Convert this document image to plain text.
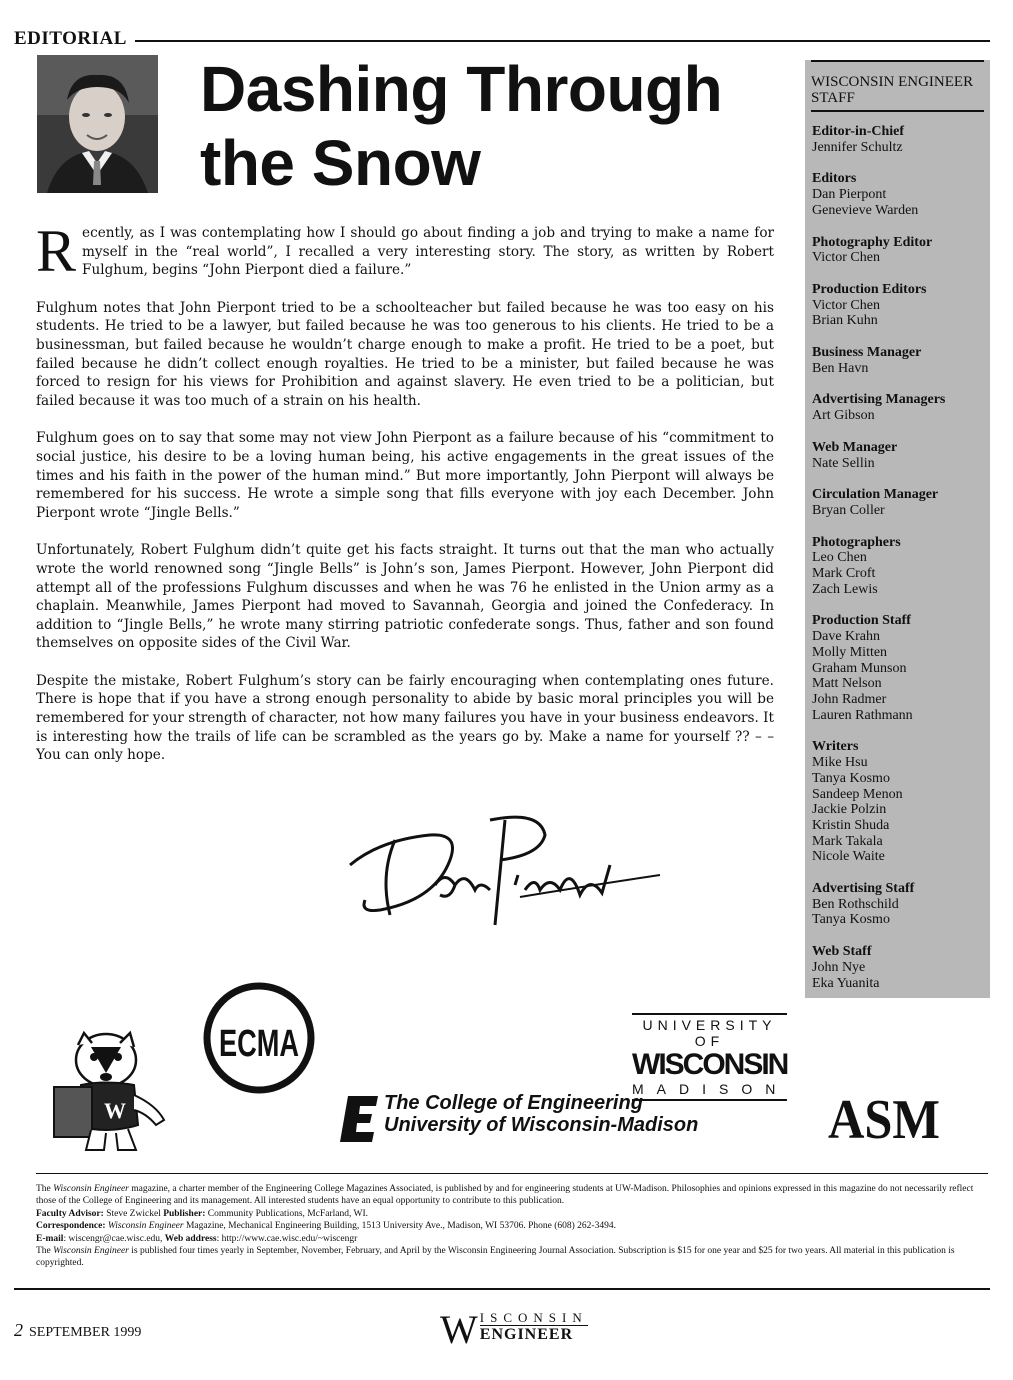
EDITORIAL
Dashing Through
the Snow

Recently, as I was contemplating how I should go about finding a job and trying to make a name for myself in the “real world”, I recalled a very interesting story. The story, as written by Robert Fulghum, begins “John Pierpont died a failure.”

Fulghum notes that John Pierpont tried to be a schoolteacher but failed because he was too easy on his students. He tried to be a lawyer, but failed because he was too generous to his clients. He tried to be a businessman, but failed because he wouldn’t charge enough to make a profit. He tried to be a poet, but failed because he didn’t collect enough royalties. He tried to be a minister, but failed because he was forced to resign for his views for Prohibition and against slavery. He even tried to be a politician, but failed because it was too much of a strain on his health.

Fulghum goes on to say that some may not view John Pierpont as a failure because of his “commitment to social justice, his desire to be a loving human being, his active engagements in the great issues of the times and his faith in the power of the human mind.” But more importantly, John Pierpont will always be remembered for his success. He wrote a simple song that fills everyone with joy each December. John Pierpont wrote “Jingle Bells.”

Unfortunately, Robert Fulghum didn’t quite get his facts straight. It turns out that the man who actually wrote the world renowned song “Jingle Bells” is John’s son, James Pierpont. However, John Pierpont did attempt all of the professions Fulghum discusses and when he was 76 he enlisted in the Union army as a chaplain. Meanwhile, James Pierpont had moved to Savannah, Georgia and joined the Confederacy. In addition to “Jingle Bells,” he wrote many stirring patriotic confederate songs. Thus, father and son found themselves on opposite sides of the Civil War.

Despite the mistake, Robert Fulghum’s story can be fairly encouraging when contemplating ones future. There is hope that if you have a strong enough personality to abide by basic moral principles you will be remembered for your strength of character, not how many failures you have in your business endeavors. It is interesting how the trails of life can be scrambled as the years go by. Make a name for yourself ?? – – You can only hope.

WISCONSIN ENGINEER
STAFF
Editor-in-Chief
Jennifer Schultz
Editors
Dan Pierpont
Genevieve Warden
Photography Editor
Victor Chen
Production Editors
Victor Chen
Brian Kuhn
Business Manager
Ben Havn
Advertising Managers
Art Gibson
Web Manager
Nate Sellin
Circulation Manager
Bryan Coller
Photographers
Leo Chen
Mark Croft
Zach Lewis
Production Staff
Dave Krahn
Molly Mitten
Graham Munson
Matt Nelson
John Radmer
Lauren Rathmann
Writers
Mike Hsu
Tanya Kosmo
Sandeep Menon
Jackie Polzin
Kristin Shuda
Mark Takala
Nicole Waite
Advertising Staff
Ben Rothschild
Tanya Kosmo
Web Staff
John Nye
Eka Yuanita
W
ECMA	UNIVERSITY OF
WISCONSIN
MADISON
The College of Engineering
University of Wisconsin-Madison ASM
The Wisconsin Engineer magazine, a charter member of the Engineering College Magazines Associated, is published by and for engineering students at UW-Madison. Philosophies and opinions expressed in this magazine do not necessarily reflect those of the College of Engineering and its management. All interested students have an equal opportunity to contribute to this publication.
Faculty Advisor: Steve Zwickel Publisher: Community Publications, McFarland, WI.
Correspondence: Wisconsin Engineer Magazine, Mechanical Engineering Building, 1513 University Ave., Madison, WI 53706. Phone (608) 262-3494.
E-mail: wiscengr@cae.wisc.edu, Web address: http://www.cae.wisc.edu/~wiscengr
The Wisconsin Engineer is published four times yearly in September, November, February, and April by the Wisconsin Engineering Journal Association. Subscription is $15 for one year and $25 for two years. All material in this publication is copyrighted.
2 SEPTEMBER 1999	W ISCONSIN
ENGINEER
